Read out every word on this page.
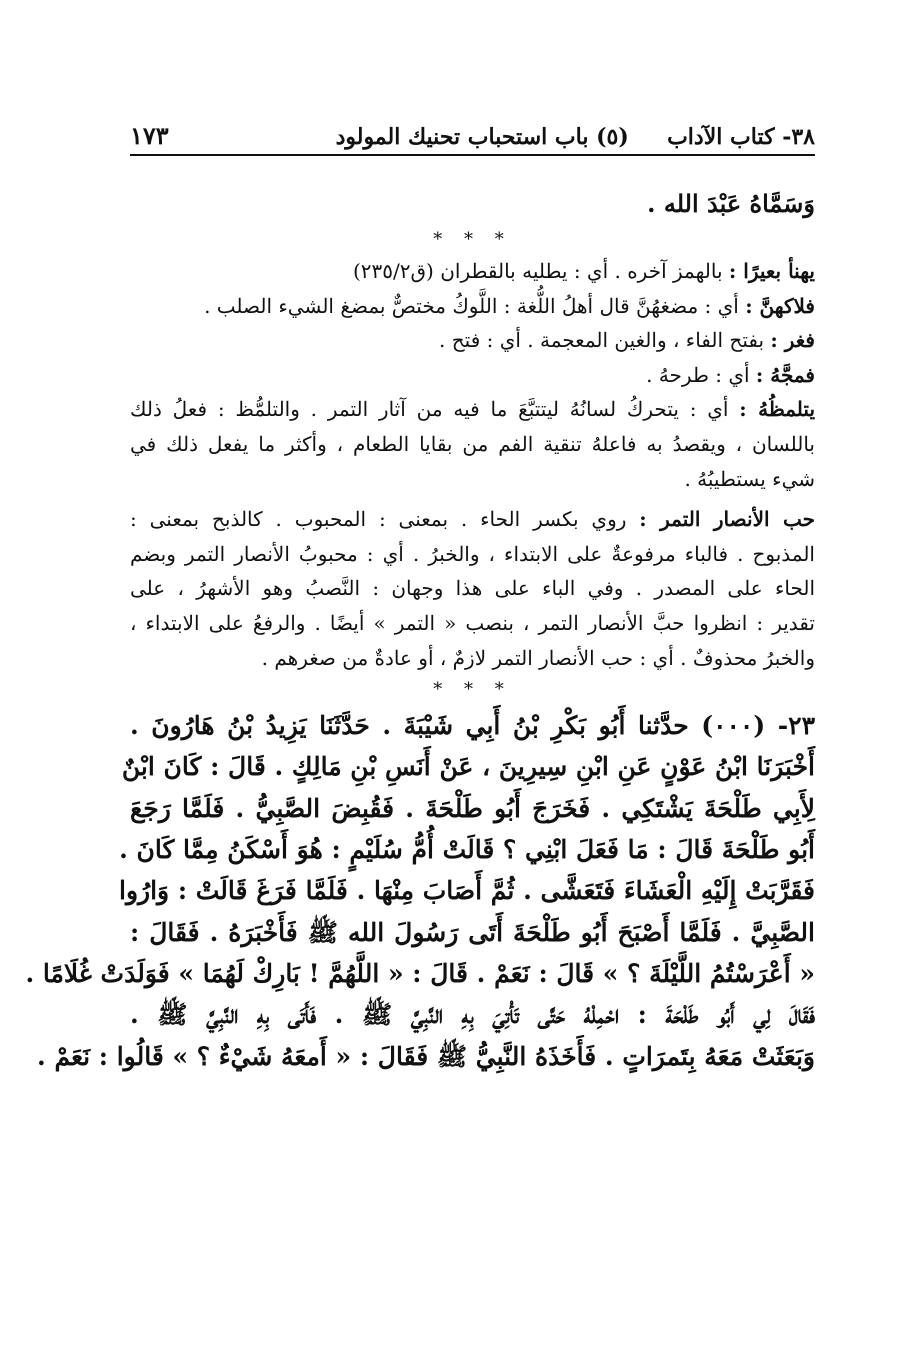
٣٨- كتاب الآداب     (٥) باب استحباب تحنيك المولود
١٧٣
وَسَمَّاهُ عَبْدَ الله .
* * *
يهنأ بعيرًا : بالهمز آخره . أي : يطليه بالقطران (ق٢٣٥/٢)
فلاكهنَّ : أي : مضغهُنَّ قال أهلُ اللُّغة : اللَّوكُ مختصٌّ بمضغ الشيء الصلب .
فغر : بفتح الفاء ، والغين المعجمة . أي : فتح .
فمجَّهُ : أي : طرحهُ .
يتلمظُهُ : أي : يتحركُ لسانُهُ ليتتبَّعَ ما فيه من آثار التمر . والتلمُّظ : فعلُ ذلك
باللسان ، ويقصدُ به فاعلهُ تنقية الفم من بقايا الطعام ، وأكثر ما يفعل ذلك في
شيء يستطيبُهُ .
حب الأنصار التمر : روي بكسر الحاء . بمعنى : المحبوب . كالذبح بمعنى :
المذبوح . فالباء مرفوعةٌ على الابتداء ، والخبرُ . أي : محبوبُ الأنصار التمر وبضم
الحاء على المصدر . وفي الباء على هذا وجهان : النَّصبُ وهو الأشهرُ ، على
تقدير : انظروا حبَّ الأنصار التمر ، بنصب « التمر » أيضًا . والرفعُ على الابتداء ،
والخبرُ محذوفٌ . أي : حب الأنصار التمر لازمٌ ، أو عادةٌ من صغرهم .
* * *
٢٣- (٠٠٠) حدَّثنا أَبُو بَكْرِ بْنُ أَبِي شَيْبَةَ . حَدَّثَنَا يَزِيدُ بْنُ هَارُونَ .
أَخْبَرَنَا ابْنُ عَوْنٍ عَنِ ابْنِ سِيرِينَ ، عَنْ أَنَسِ بْنِ مَالِكٍ . قَالَ : كَانَ ابْنٌ
لِأَبِي طَلْحَةَ يَشْتَكِي . فَخَرَجَ أَبُو طَلْحَةَ . فَقُبِضَ الصَّبِيُّ . فَلَمَّا رَجَعَ
أَبُو طَلْحَةَ قَالَ : مَا فَعَلَ ابْنِي ؟ قَالَتْ أُمُّ سُلَيْمٍ : هُوَ أَسْكَنُ مِمَّا كَانَ .
فَقَرَّبَتْ إِلَيْهِ الْعَشَاءَ فَتَعَشَّى . ثُمَّ أَصَابَ مِنْهَا . فَلَمَّا فَرَغَ قَالَتْ : وَارُوا
الصَّبِيَّ . فَلَمَّا أَصْبَحَ أَبُو طَلْحَةَ أَتَى رَسُولَ الله ﷺ فَأَخْبَرَهُ . فَقَالَ :
« أَعْرَسْتُمُ اللَّيْلَةَ ؟ » قَالَ : نَعَمْ . قَالَ : « اللَّهُمَّ ! بَارِكْ لَهُمَا » فَوَلَدَتْ غُلَامًا .
فَقَالَ لِي أَبُو طَلْحَةَ : احْمِلْهُ حَتَّى تَأْتِيَ بِهِ النَّبِيَّ ﷺ . فَأَتَى بِهِ النَّبِيَّ ﷺ .
وَبَعَثَتْ مَعَهُ بِتَمرَاتٍ . فَأَخَذَهُ النَّبِيُّ ﷺ فَقَالَ : « أَمعَهُ شَيْءٌ ؟ » قَالُوا : نَعَمْ .
